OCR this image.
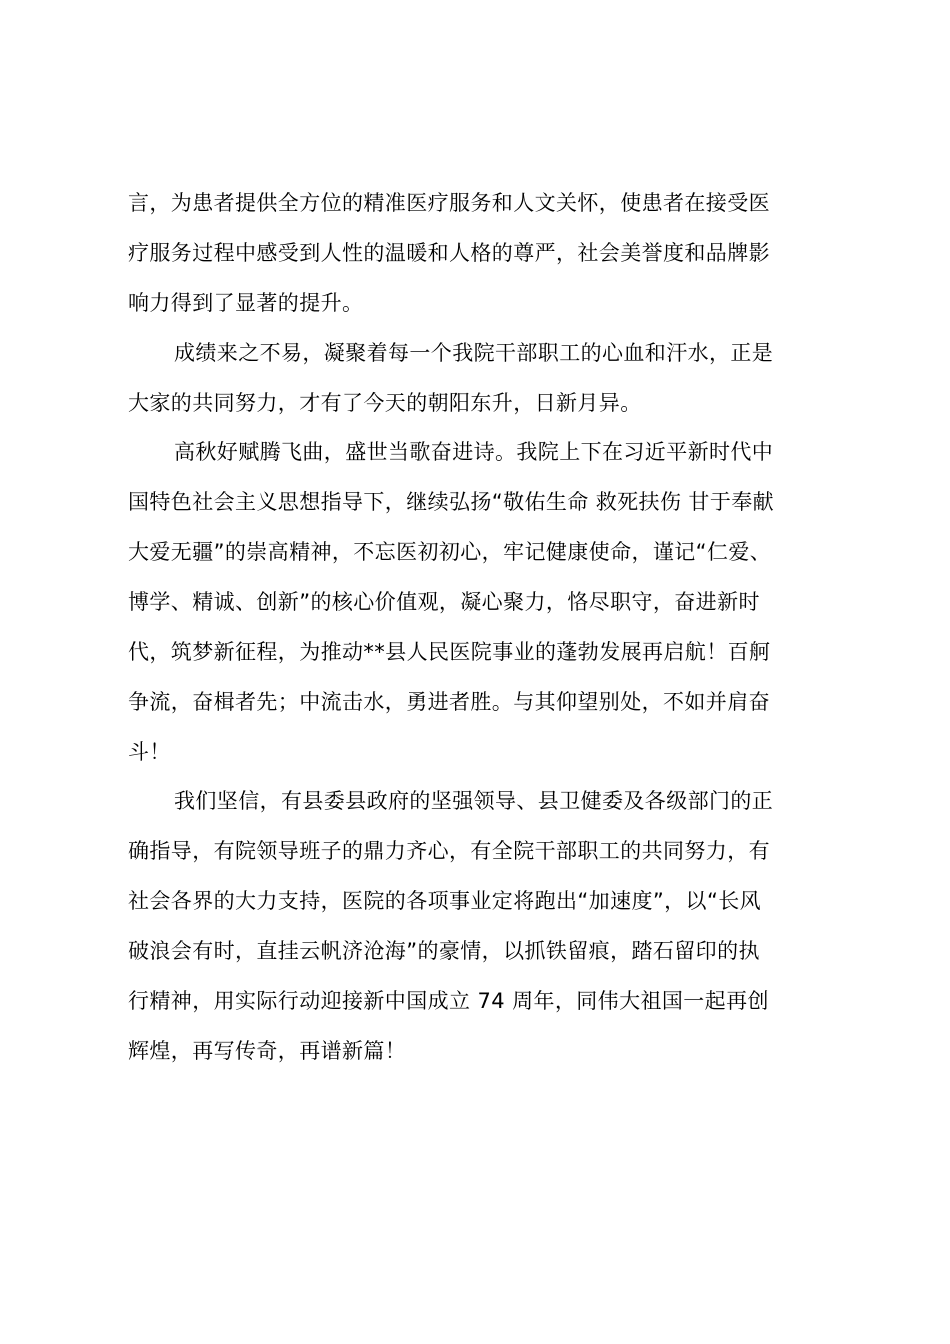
言，为患者提供全方位的精准医疗服务和人文关怀，使患者在接受医
疗服务过程中感受到人性的温暖和人格的尊严，社会美誉度和品牌影
响力得到了显著的提升。
成绩来之不易，凝聚着每一个我院干部职工的心血和汗水，正是
大家的共同努力，才有了今天的朝阳东升，日新月异。
高秋好赋腾飞曲，盛世当歌奋进诗。我院上下在习近平新时代中
国特色社会主义思想指导下，继续弘扬“敬佑生命 救死扶伤 甘于奉献
大爱无疆”的崇高精神，不忘医初初心，牢记健康使命，谨记“仁爱、
博学、精诚、创新”的核心价值观，凝心聚力，恪尽职守，奋进新时
代，筑梦新征程，为推动**县人民医院事业的蓬勃发展再启航！百舸
争流，奋楫者先；中流击水，勇进者胜。与其仰望别处，不如并肩奋
斗！
我们坚信，有县委县政府的坚强领导、县卫健委及各级部门的正
确指导，有院领导班子的鼎力齐心，有全院干部职工的共同努力，有
社会各界的大力支持，医院的各项事业定将跑出“加速度”，以“长风
破浪会有时，直挂云帆济沧海”的豪情，以抓铁留痕，踏石留印的执
行精神，用实际行动迎接新中国成立 74 周年，同伟大祖国一起再创
辉煌，再写传奇，再谱新篇！
